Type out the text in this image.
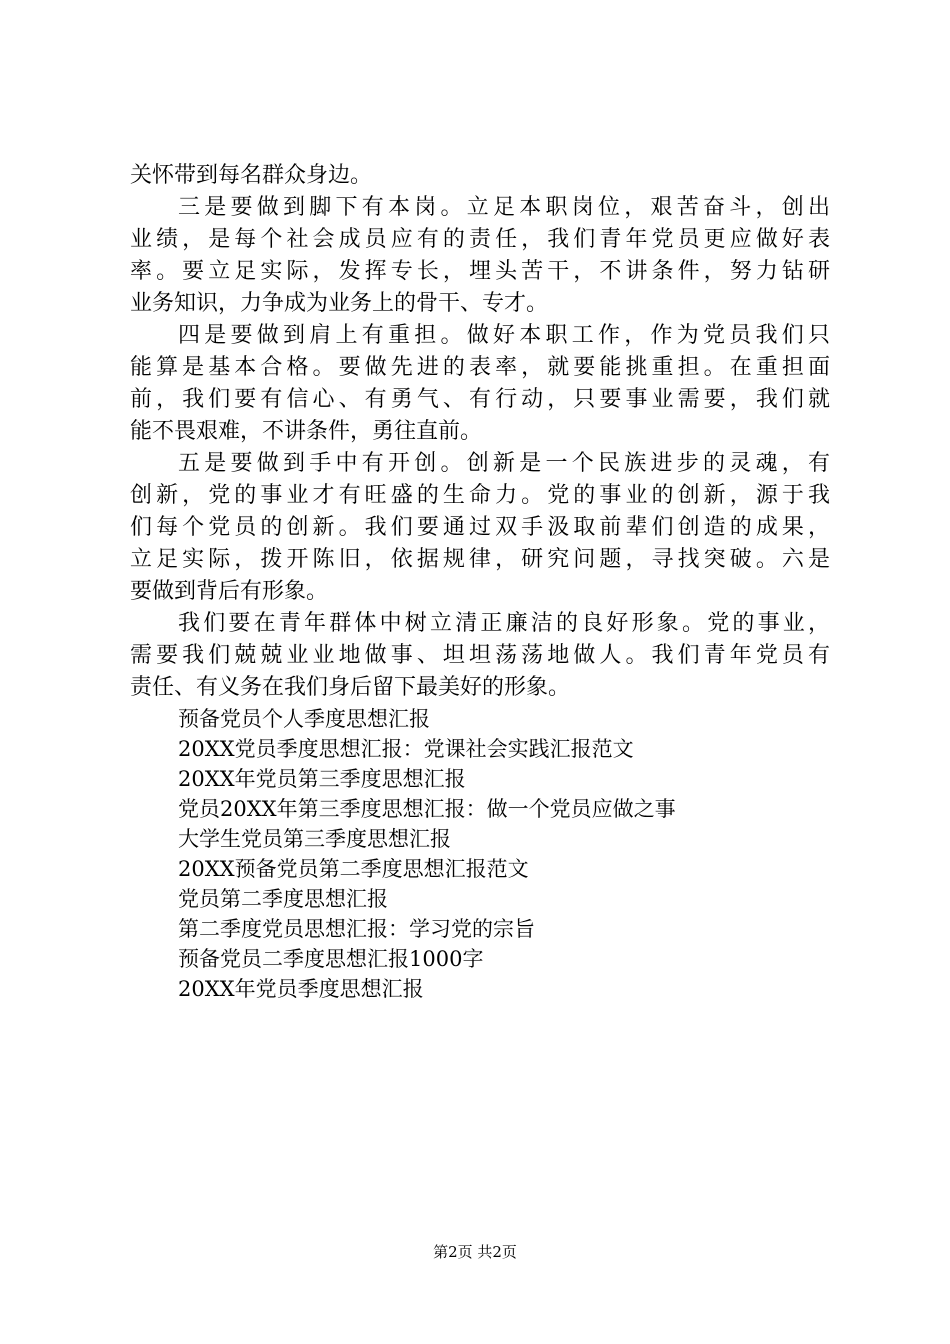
关怀带到每名群众身边。
三是要做到脚下有本岗。立足本职岗位，艰苦奋斗，创出
业绩，是每个社会成员应有的责任，我们青年党员更应做好表
率。要立足实际，发挥专长，埋头苦干，不讲条件，努力钻研
业务知识，力争成为业务上的骨干、专才。
四是要做到肩上有重担。做好本职工作，作为党员我们只
能算是基本合格。要做先进的表率，就要能挑重担。在重担面
前，我们要有信心、有勇气、有行动，只要事业需要，我们就
能不畏艰难，不讲条件，勇往直前。
五是要做到手中有开创。创新是一个民族进步的灵魂，有
创新，党的事业才有旺盛的生命力。党的事业的创新，源于我
们每个党员的创新。我们要通过双手汲取前辈们创造的成果，
立足实际，拨开陈旧，依据规律，研究问题，寻找突破。六是
要做到背后有形象。
我们要在青年群体中树立清正廉洁的良好形象。党的事业，
需要我们兢兢业业地做事、坦坦荡荡地做人。我们青年党员有
责任、有义务在我们身后留下最美好的形象。
预备党员个人季度思想汇报
20XX党员季度思想汇报：党课社会实践汇报范文
20XX年党员第三季度思想汇报
党员20XX年第三季度思想汇报：做一个党员应做之事
大学生党员第三季度思想汇报
20XX预备党员第二季度思想汇报范文
党员第二季度思想汇报
第二季度党员思想汇报：学习党的宗旨
预备党员二季度思想汇报1000字
20XX年党员季度思想汇报
第2页 共2页
